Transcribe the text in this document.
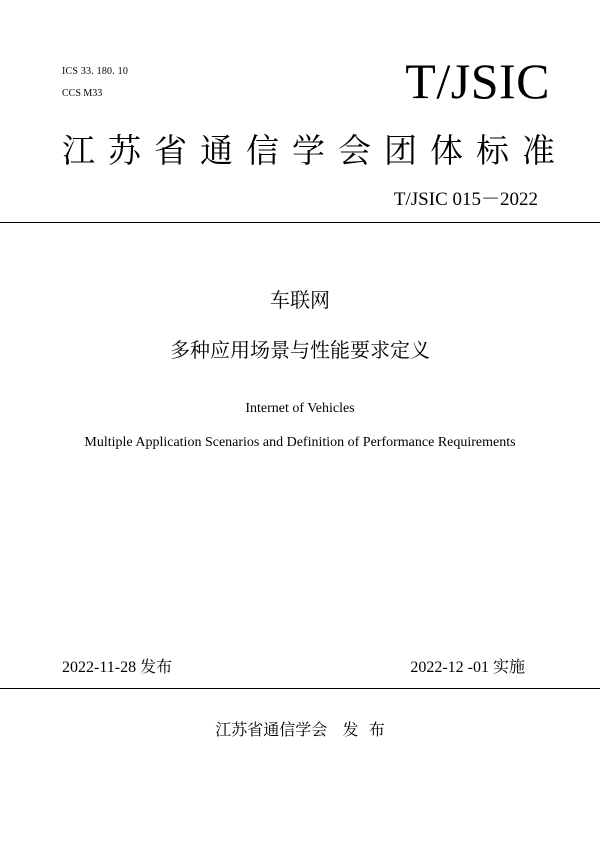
ICS 33. 180. 10
CCS M33	T/JSIC
江苏省通信学会团体标准
T/JSIC 015－2022
车联网
多种应用场景与性能要求定义
Internet of Vehicles
Multiple Application Scenarios and Definition of Performance Requirements
2022-11-28 发布	2022-12 -01 实施
江苏省通信学会   发  布
